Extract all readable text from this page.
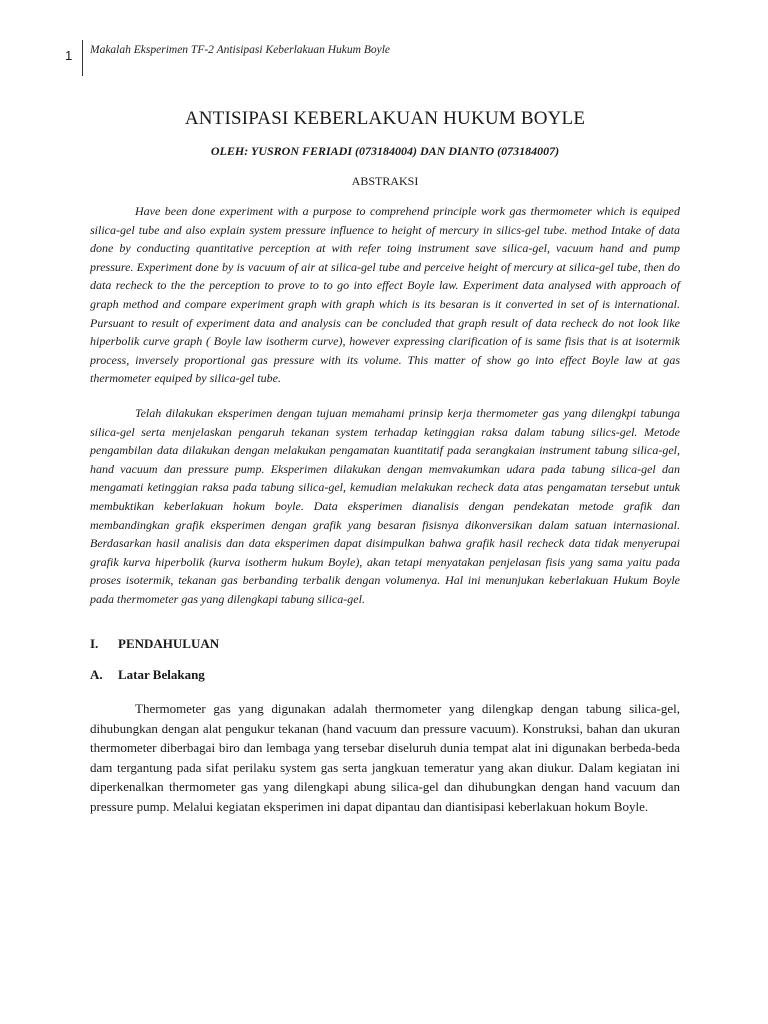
1 Makalah Eksperimen TF-2 Antisipasi Keberlakuan Hukum Boyle
ANTISIPASI KEBERLAKUAN HUKUM BOYLE

OLEH: YUSRON FERIADI (073184004) DAN DIANTO (073184007)

ABSTRAKSI

Have been done experiment with a purpose to comprehend principle work gas thermometer which is equiped silica-gel tube and also explain system pressure influence to height of mercury in silics-gel tube. method Intake of data done by conducting quantitative perception at with refer toing instrument save silica-gel, vacuum hand and pump pressure. Experiment done by is vacuum of air at silica-gel tube and perceive height of mercury at silica-gel tube, then do data recheck to the the perception to prove to to go into effect Boyle law. Experiment data analysed with approach of graph method and compare experiment graph with graph which is its besaran is it converted in set of is international. Pursuant to result of experiment data and analysis can be concluded that graph result of data recheck do not look like hiperbolik curve graph ( Boyle law isotherm curve), however expressing clarification of is same fisis that is at isotermik process, inversely proportional gas pressure with its volume. This matter of show go into effect Boyle law at gas thermometer equiped by silica-gel tube.

Telah dilakukan eksperimen dengan tujuan memahami prinsip kerja thermometer gas yang dilengkpi tabunga silica-gel serta menjelaskan pengaruh tekanan system terhadap ketinggian raksa dalam tabung silics-gel. Metode pengambilan data dilakukan dengan melakukan pengamatan kuantitatif pada serangkaian instrument tabung silica-gel, hand vacuum dan pressure pump. Eksperimen dilakukan dengan memvakumkan udara pada tabung silica-gel dan mengamati ketinggian raksa pada tabung silica-gel, kemudian melakukan recheck data atas pengamatan tersebut untuk membuktikan keberlakuan hokum boyle. Data eksperimen dianalisis dengan pendekatan metode grafik dan membandingkan grafik eksperimen dengan grafik yang besaran fisisnya dikonversikan dalam satuan internasional. Berdasarkan hasil analisis dan data eksperimen dapat disimpulkan bahwa grafik hasil recheck data tidak menyerupai grafik kurva hiperbolik (kurva isotherm hukum Boyle), akan tetapi menyatakan penjelasan fisis yang sama yaitu pada proses isotermik, tekanan gas berbanding terbalik dengan volumenya. Hal ini menunjukan keberlakuan Hukum Boyle pada thermometer gas yang dilengkapi tabung silica-gel.

I.	PENDAHULUAN
A.	Latar Belakang

Thermometer gas yang digunakan adalah thermometer yang dilengkap dengan tabung silica-gel, dihubungkan dengan alat pengukur tekanan (hand vacuum dan pressure vacuum). Konstruksi, bahan dan ukuran thermometer diberbagai biro dan lembaga yang tersebar diseluruh dunia tempat alat ini digunakan berbeda-beda dam tergantung pada sifat perilaku system gas serta jangkuan temeratur yang akan diukur. Dalam kegiatan ini diperkenalkan thermometer gas yang dilengkapi abung silica-gel dan dihubungkan dengan hand vacuum dan pressure pump. Melalui kegiatan eksperimen ini dapat dipantau dan diantisipasi keberlakuan hokum Boyle.
